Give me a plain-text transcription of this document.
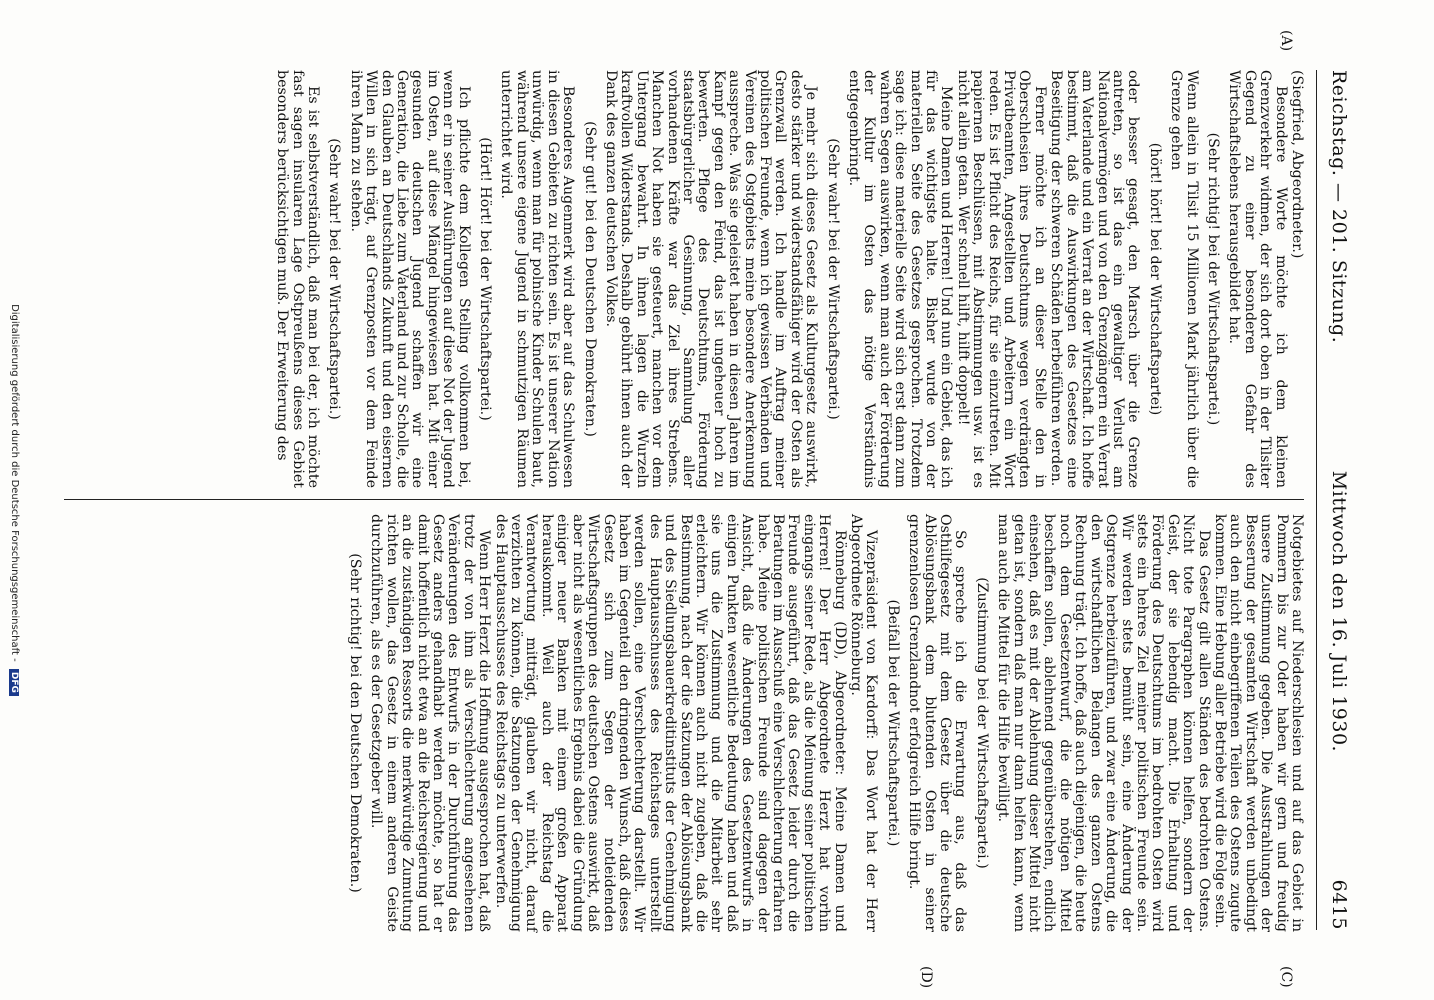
(A)
(C)
(D)
Reichstag. — 201. Sitzung.
Mittwoch den 16. Juli 1930.
6415

(Siegfried, Abgeordneter.)

Besondere Worte möchte ich dem kleinen Grenzverkehr widmen, der sich dort oben in der Tilsiter Gegend zu einer besonderen Gefahr des Wirtschaftslebens herausgebildet hat.

(Sehr richtig! bei der Wirtschaftspartei.)

Wenn allein in Tilsit 15 Millionen Mark jährlich über die Grenze gehen

(hört! hört! bei der Wirtschaftspartei)

oder besser gesagt, den Marsch über die Grenze antreten, so ist das ein gewaltiger Verlust am Nationalvermögen und von den Grenzgängern ein Verrat am Vaterlande und ein Verrat an der Wirtschaft. Ich hoffe bestimmt, daß die Auswirkungen des Gesetzes eine Beseitigung der schweren Schäden herbeiführen werden.

Ferner möchte ich an dieser Stelle den in Oberschlesien ihres Deutschtums wegen verdrängten Privatbeamten, Angestellten und Arbeitern ein Wort reden. Es ist Pflicht des Reichs, für sie einzutreten. Mit papiernen Beschlüssen, mit Abstimmungen usw. ist es nicht allein getan. Wer schnell hilft, hilft doppelt!

Meine Damen und Herren! Und nun ein Gebiet, das ich für das wichtigste halte. Bisher wurde von der materiellen Seite des Gesetzes gesprochen. Trotzdem sage ich: diese materielle Seite wird sich erst dann zum wahren Segen auswirken, wenn man auch der Förderung der Kultur im Osten das nötige Verständnis entgegenbringt.

(Sehr wahr! bei der Wirtschaftspartei.)

Je mehr sich dieses Gesetz als Kulturgesetz auswirkt, desto stärker und widerstandsfähiger wird der Osten als Grenzwall werden. Ich handle im Auftrag meiner politischen Freunde, wenn ich gewissen Verbänden und Vereinen des Ostgebiets meine besondere Anerkennung ausspreche. Was sie geleistet haben in diesen Jahren im Kampf gegen den Feind, das ist ungeheuer hoch zu bewerten. Pflege des Deutschtums, Förderung staatsbürgerlicher Gesinnung, Sammlung aller vorhandenen Kräfte war das Ziel ihres Strebens. Manchen Not haben sie gesteuert, manchen vor dem Untergang bewahrt. In ihnen lagen die Wurzeln kraftvollen Widerstands. Deshalb gebührt ihnen auch der Dank des ganzen deutschen Volkes.

(Sehr gut! bei den Deutschen Demokraten.)

Besonderes Augenmerk wird aber auf das Schulwesen in diesen Gebieten zu richten sein. Es ist unserer Nation unwürdig, wenn man für polnische Kinder Schulen baut, während unsere eigene Jugend in schmutzigen Räumen unterrichtet wird.

(Hört! Hört! bei der Wirtschaftspartei.)

Ich pflichte dem Kollegen Stelling vollkommen bei, wenn er in seiner Ausführungen auf diese Not der Jugend im Osten, auf diese Mängel hingewiesen hat. Mit einer gesunden deutschen Jugend schaffen wir eine Generation, die Liebe zum Vaterland und zur Scholle, die den Glauben an Deutschlands Zukunft und den eisernen Willen in sich trägt, auf Grenzposten vor dem Feinde ihren Mann zu stehen.

(Sehr wahr! bei der Wirtschaftspartei.)

Es ist selbstverständlich, daß man bei der, ich möchte fast sagen insularen Lage Ostpreußens dieses Gebiet besonders berücksichtigen muß. Der Erweiterung des

Notgebietes auf Niederschlesien und auf das Gebiet in Pommern bis zur Oder haben wir gern und freudig unsere Zustimmung gegeben. Die Ausstrahlungen der Besserung der gesamten Wirtschaft werden unbedingt auch den nicht einbegriffenen Teilen des Ostens zugute kommen. Eine Hebung aller Betriebe wird die Folge sein.

Das Gesetz gilt allen Ständen des bedrohten Ostens. Nicht tote Paragraphen können helfen, sondern der Geist, der sie lebendig macht. Die Erhaltung und Förderung des Deutschtums im bedrohten Osten wird stets ein hehres Ziel meiner politischen Freunde sein. Wir werden stets bemüht sein, eine Änderung der Ostgrenze herbeizuführen, und zwar eine Änderung, die den wirtschaftlichen Belangen des ganzen Ostens Rechnung trägt. Ich hoffe, daß auch diejenigen, die heute noch dem Gesetzentwurf, die die nötigen Mittel beschaffen sollen, ablehnend gegenüberstehen, endlich einsehen, daß es mit der Ablehnung dieser Mittel nicht getan ist, sondern daß man nur dann helfen kann, wenn man auch die Mittel für die Hilfe bewilligt.

(Zustimmung bei der Wirtschaftspartei.)

So spreche ich die Erwartung aus, daß das Osthilfegesetz mit dem Gesetz über die deutsche Ablösungsbank dem blutenden Osten in seiner grenzenlosen Grenzlandnot erfolgreich Hilfe bringt.

(Beifall bei der Wirtschaftspartei.)

Vizepräsident von Kardorff: Das Wort hat der Herr Abgeordnete Rönneburg.

Rönneburg (DD), Abgeordneter: Meine Damen und Herren! Der Herr Abgeordnete Herzt hat vorhin eingangs seiner Rede, als die Meinung seiner politischen Freunde ausgeführt, daß das Gesetz leider durch die Beratungen im Ausschuß eine Verschlechterung erfahren habe. Meine politischen Freunde sind dagegen der Ansicht, daß die Änderungen des Gesetzentwurfs in einigen Punkten wesentliche Bedeutung haben und daß sie uns die Zustimmung und die Mitarbeit sehr erleichtern. Wir können auch nicht zugeben, daß die Bestimmung, nach der die Satzungen der Ablösungsbank und des Siedlungsbauerkreditinstituts der Genehmigung des Hauptausschusses des Reichstages unterstellt werden sollen, eine Verschlechterung darstellt. Wir haben im Gegenteil den dringenden Wunsch, daß dieses Gesetz sich zum Segen der notleidenden Wirtschaftsgruppen des deutschen Ostens auswirkt, daß aber nicht als wesentliches Ergebnis dabei die Gründung einiger neuer Banken mit einem großen Apparat herauskommt. Weil auch der Reichstag die Verantwortung mitträgt, glauben wir nicht, darauf verzichten zu können, die Satzungen der Genehmigung des Hauptausschusses des Reichstags zu unterwerfen.

Wenn Herr Herzt die Hoffnung ausgesprochen hat, daß trotz der von ihm als Verschlechterung angesehenen Veränderungen des Entwurfs in der Durchführung das Gesetz anders gehandhabt werden möchte, so hat er damit hoffentlich nicht etwa an die Reichsregierung und an die zuständigen Ressorts die merkwürdige Zumutung richten wollen, das Gesetz in einem anderen Geiste durchzuführen, als es der Gesetzgeber will.

(Sehr richtig! bei den Deutschen Demokraten.)

Digitalisierung gefördert durch die Deutsche Forschungsgemeinschaft - DFG
